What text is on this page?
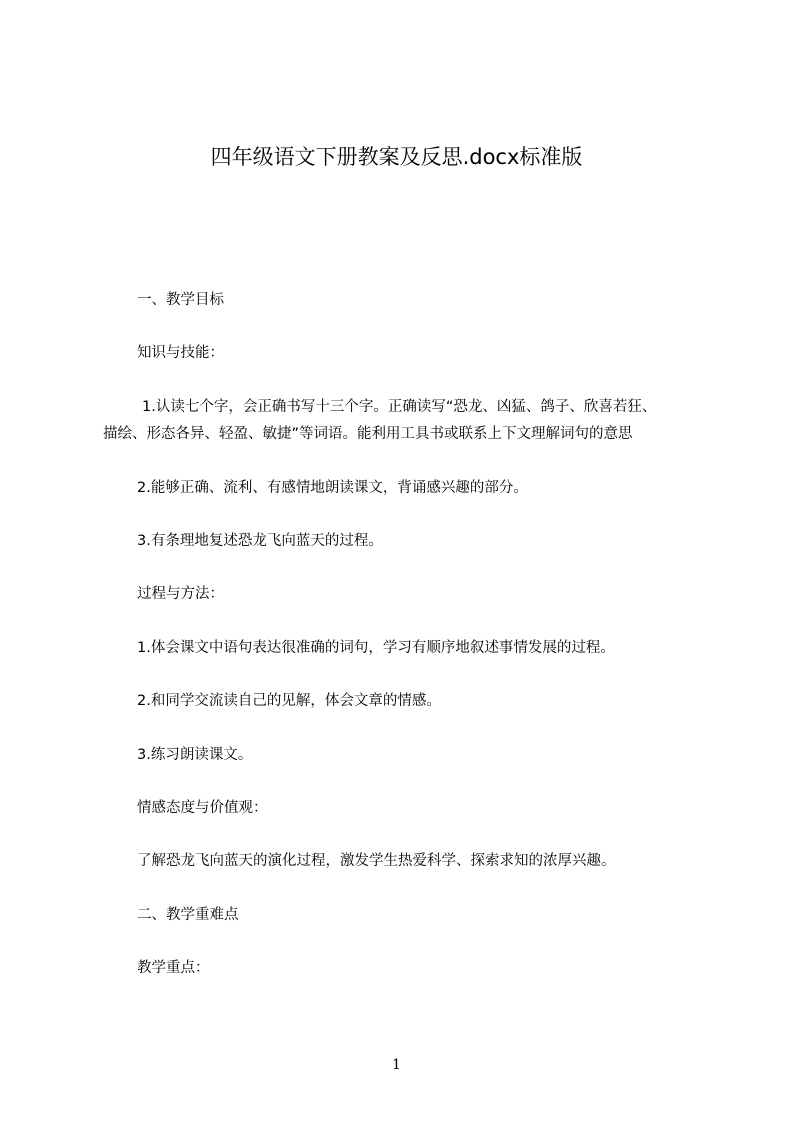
四年级语文下册教案及反思.docx标准版
一、教学目标
知识与技能：
1.认读七个字，会正确书写十三个字。正确读写“恐龙、凶猛、鸽子、欣喜若狂、
描绘、形态各异、轻盈、敏捷”等词语。能利用工具书或联系上下文理解词句的意思
2.能够正确、流利、有感情地朗读课文，背诵感兴趣的部分。
3.有条理地复述恐龙飞向蓝天的过程。
过程与方法：
1.体会课文中语句表达很准确的词句，学习有顺序地叙述事情发展的过程。
2.和同学交流读自己的见解，体会文章的情感。
3.练习朗读课文。
情感态度与价值观：
了解恐龙飞向蓝天的演化过程，激发学生热爱科学、探索求知的浓厚兴趣。
二、教学重难点
教学重点：
1
